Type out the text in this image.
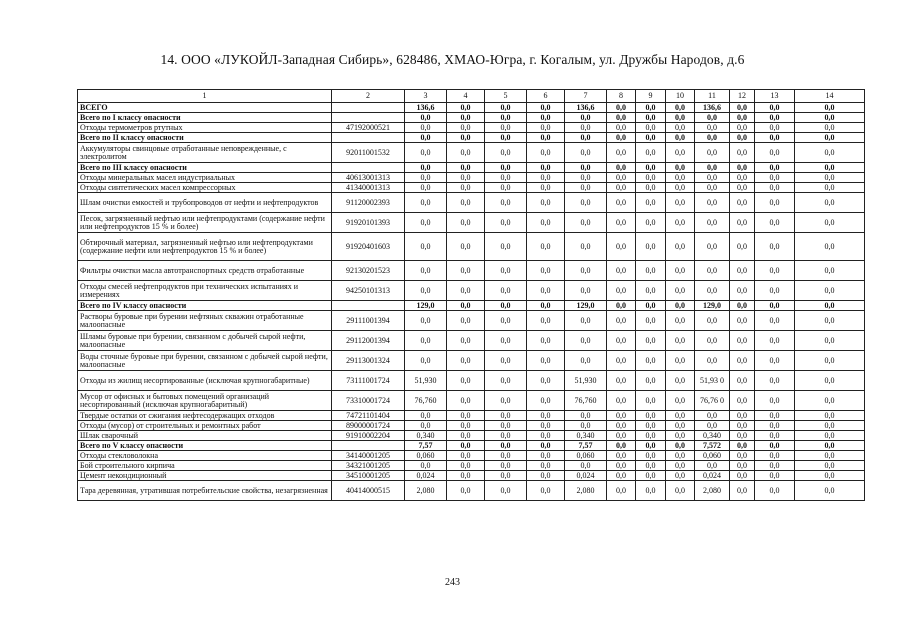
14. ООО «ЛУКОЙЛ-Западная Сибирь», 628486, ХМАО-Югра, г. Когалым, ул. Дружбы Народов, д.6
1	2	3	4	5	6	7	8	9	10	11	12	13	14
ВСЕГО		136,6	0,0	0,0	0,0	136,6	0,0	0,0	0,0	136,6	0,0	0,0	0,0
Всего по I классу опасности		0,0	0,0	0,0	0,0	0,0	0,0	0,0	0,0	0,0	0,0	0,0	0,0
Отходы термометров ртутных	47192000521	0,0	0,0	0,0	0,0	0,0	0,0	0,0	0,0	0,0	0,0	0,0	0,0
Всего по II классу опасности		0,0	0,0	0,0	0,0	0,0	0,0	0,0	0,0	0,0	0,0	0,0	0,0
Аккумуляторы свинцовые отработанные неповрежденные, с электролитом	92011001532	0,0	0,0	0,0	0,0	0,0	0,0	0,0	0,0	0,0	0,0	0,0	0,0
Всего по III классу опасности		0,0	0,0	0,0	0,0	0,0	0,0	0,0	0,0	0,0	0,0	0,0	0,0
Отходы минеральных масел индустриальных	40613001313	0,0	0,0	0,0	0,0	0,0	0,0	0,0	0,0	0,0	0,0	0,0	0,0
Отходы синтетических масел компрессорных	41340001313	0,0	0,0	0,0	0,0	0,0	0,0	0,0	0,0	0,0	0,0	0,0	0,0
Шлам очистки емкостей и трубопроводов от нефти и нефтепродуктов	91120002393	0,0	0,0	0,0	0,0	0,0	0,0	0,0	0,0	0,0	0,0	0,0	0,0
Песок, загрязненный нефтью или нефтепродуктами (содержание нефти или нефтепродуктов 15 % и более)	91920101393	0,0	0,0	0,0	0,0	0,0	0,0	0,0	0,0	0,0	0,0	0,0	0,0
Обтирочный материал, загрязненный нефтью или нефтепродуктами (содержание нефти или нефтепродуктов 15 % и более)	91920401603	0,0	0,0	0,0	0,0	0,0	0,0	0,0	0,0	0,0	0,0	0,0	0,0
Фильтры очистки масла автотранспортных средств отработанные	92130201523	0,0	0,0	0,0	0,0	0,0	0,0	0,0	0,0	0,0	0,0	0,0	0,0
Отходы смесей нефтепродуктов при технических испытаниях и измерениях	94250101313	0,0	0,0	0,0	0,0	0,0	0,0	0,0	0,0	0,0	0,0	0,0	0,0
Всего по IV классу опасности		129,0	0,0	0,0	0,0	129,0	0,0	0,0	0,0	129,0	0,0	0,0	0,0
Растворы буровые при бурении нефтяных скважин отработанные малоопасные	29111001394	0,0	0,0	0,0	0,0	0,0	0,0	0,0	0,0	0,0	0,0	0,0	0,0
Шламы буровые при бурении, связанном с добычей сырой нефти, малоопасные	29112001394	0,0	0,0	0,0	0,0	0,0	0,0	0,0	0,0	0,0	0,0	0,0	0,0
Воды сточные буровые при бурении, связанном с добычей сырой нефти, малоопасные	29113001324	0,0	0,0	0,0	0,0	0,0	0,0	0,0	0,0	0,0	0,0	0,0	0,0
Отходы из жилищ несортированные (исключая крупногабаритные)	73111001724	51,930	0,0	0,0	0,0	51,930	0,0	0,0	0,0	51,93 0	0,0	0,0	0,0
Мусор от офисных и бытовых помещений организаций несортированный (исключая крупногабаритный)	73310001724	76,760	0,0	0,0	0,0	76,760	0,0	0,0	0,0	76,76 0	0,0	0,0	0,0
Твердые остатки от сжигания нефтесодержащих отходов	74721101404	0,0	0,0	0,0	0,0	0,0	0,0	0,0	0,0	0,0	0,0	0,0	0,0
Отходы (мусор) от строительных и ремонтных работ	89000001724	0,0	0,0	0,0	0,0	0,0	0,0	0,0	0,0	0,0	0,0	0,0	0,0
Шлак сварочный	91910002204	0,340	0,0	0,0	0,0	0,340	0,0	0,0	0,0	0,340	0,0	0,0	0,0
Всего по V классу опасности		7,57	0,0	0,0	0,0	7,57	0,0	0,0	0,0	7,572	0,0	0,0	0,0
Отходы стекловолокна	34140001205	0,060	0,0	0,0	0,0	0,060	0,0	0,0	0,0	0,060	0,0	0,0	0,0
Бой строительного кирпича	34321001205	0,0	0,0	0,0	0,0	0,0	0,0	0,0	0,0	0,0	0,0	0,0	0,0
Цемент некондиционный	34510001205	0,024	0,0	0,0	0,0	0,024	0,0	0,0	0,0	0,024	0,0	0,0	0,0
Тара деревянная, утратившая потребительские свойства, незагрязненная	40414000515	2,080	0,0	0,0	0,0	2,080	0,0	0,0	0,0	2,080	0,0	0,0	0,0
243
